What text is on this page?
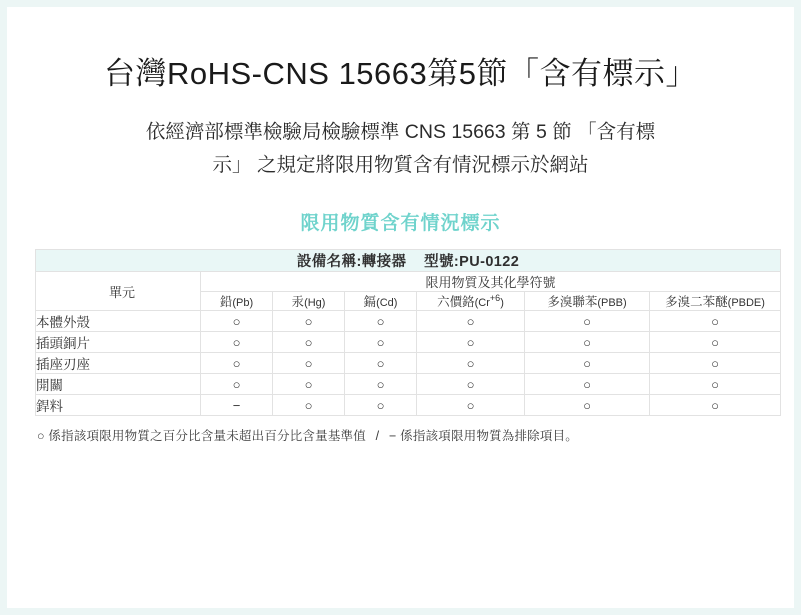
台灣RoHS-CNS 15663第5節「含有標示」
依經濟部標準檢驗局檢驗標準 CNS 15663 第 5 節 「含有標
示」 之規定將限用物質含有情況標示於網站
限用物質含有情況標示
設備名稱:轉接器 型號:PU-0122						
單元	限用物質及其化學符號					
	鉛(Pb)	汞(Hg)	鎘(Cd)	六價鉻$(Cr^{+6})$	多溴聯苯(PBB)	多溴二苯醚(PBDE)
本體外殼	○	○	○	○	○	○
插頭銅片	○	○	○	○	○	○
插座刃座	○	○	○	○	○	○
開關	○	○	○	○	○	○
銲料	−	○	○	○	○	○
○ 係指該項限用物質之百分比含量未超出百分比含量基準值 / − 係指該項限用物質為排除項目。
